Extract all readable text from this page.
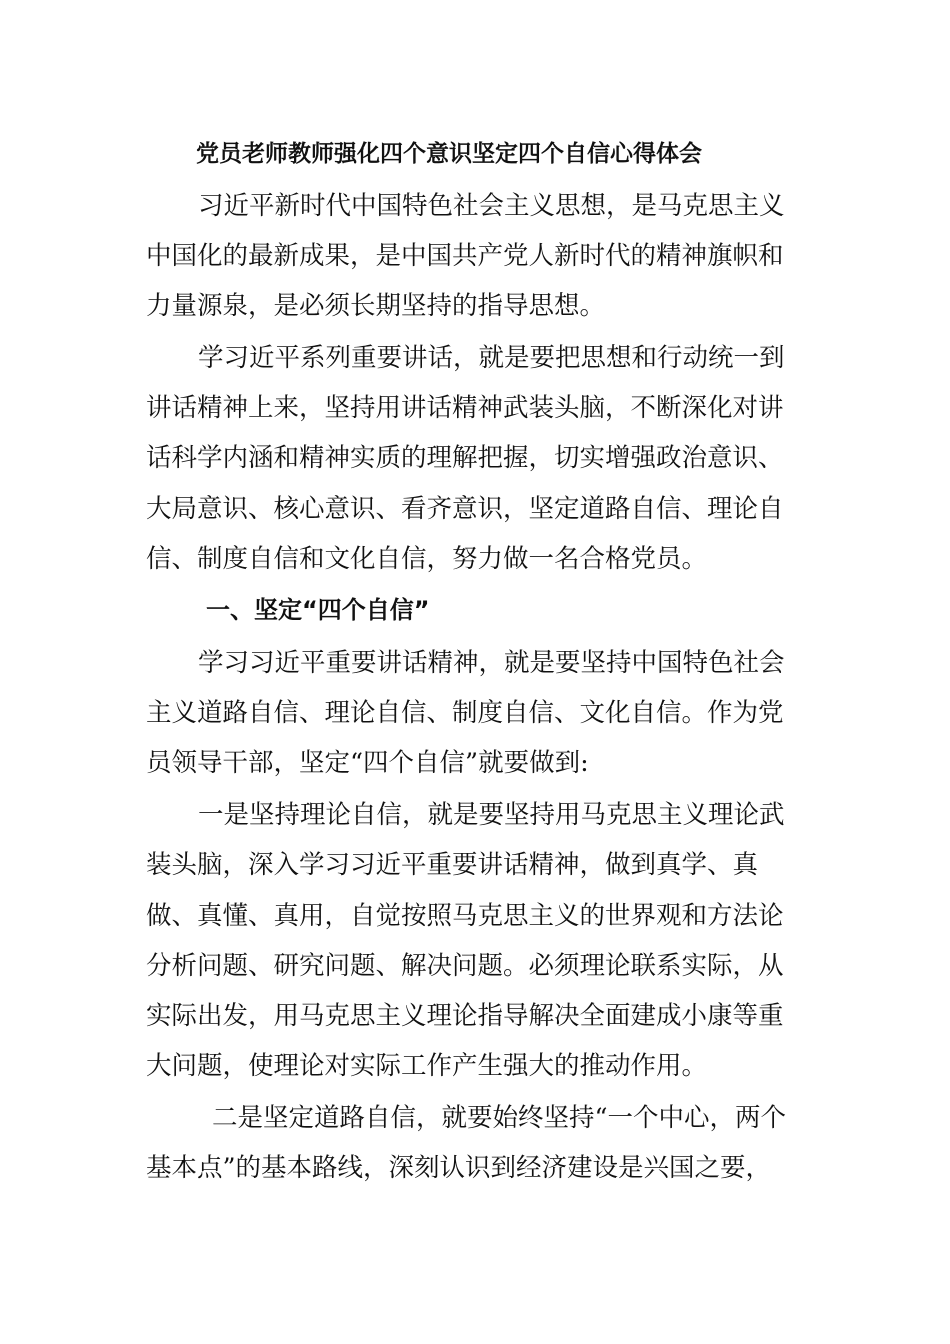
党员老师教师强化四个意识坚定四个自信心得体会
习近平新时代中国特色社会主义思想，是马克思主义
中国化的最新成果，是中国共产党人新时代的精神旗帜和
力量源泉，是必须长期坚持的指导思想。
学习近平系列重要讲话，就是要把思想和行动统一到
讲话精神上来，坚持用讲话精神武装头脑，不断深化对讲
话科学内涵和精神实质的理解把握，切实增强政治意识、
大局意识、核心意识、看齐意识，坚定道路自信、理论自
信、制度自信和文化自信，努力做一名合格党员。
一、坚定“四个自信”
学习习近平重要讲话精神，就是要坚持中国特色社会
主义道路自信、理论自信、制度自信、文化自信。作为党
员领导干部，坚定“四个自信”就要做到:
一是坚持理论自信，就是要坚持用马克思主义理论武
装头脑，深入学习习近平重要讲话精神，做到真学、真
做、真懂、真用，自觉按照马克思主义的世界观和方法论
分析问题、研究问题、解决问题。必须理论联系实际，从
实际出发，用马克思主义理论指导解决全面建成小康等重
大问题，使理论对实际工作产生强大的推动作用。
二是坚定道路自信，就要始终坚持“一个中心，两个
基本点”的基本路线，深刻认识到经济建设是兴国之要，
